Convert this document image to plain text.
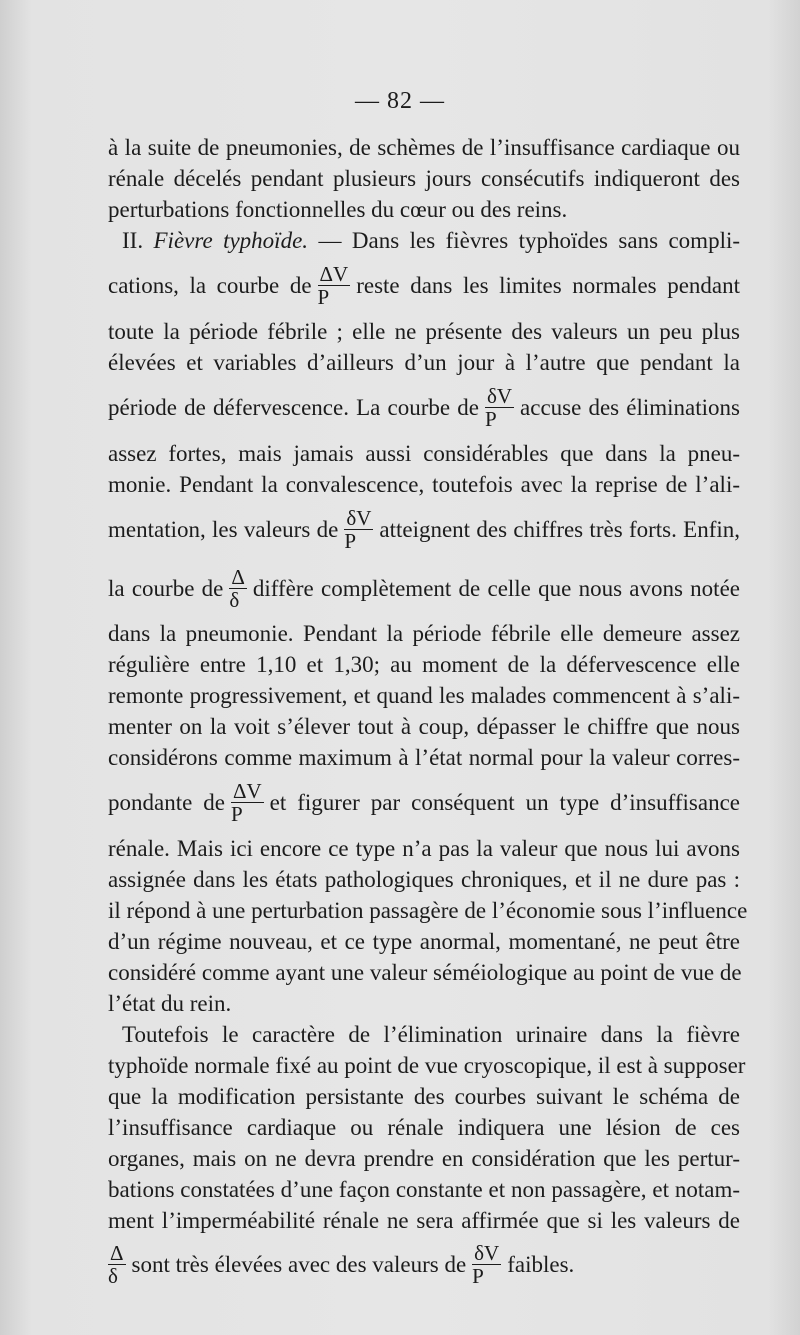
— 82 —
à la suite de pneumonies, de schèmes de l’insuffisance cardiaque ou
rénale décelés pendant plusieurs jours consécutifs indiqueront des
perturbations fonctionnelles du cœur ou des reins.
II. Fièvre typhoïde. — Dans les fièvres typhoïdes sans compli-
cations, la courbe de $\frac{\Delta V}{P}$ reste dans les limites normales pendant
toute la période fébrile ; elle ne présente des valeurs un peu plus
élevées et variables d’ailleurs d’un jour à l’autre que pendant la
période de défervescence. La courbe de $\frac{\delta V}{P}$ accuse des éliminations
assez fortes, mais jamais aussi considérables que dans la pneu-
monie. Pendant la convalescence, toutefois avec la reprise de l’ali-
mentation, les valeurs de $\frac{\delta V}{P}$ atteignent des chiffres très forts. Enfin,
la courbe de $\frac{\Delta}{\delta}$ diffère complètement de celle que nous avons notée
dans la pneumonie. Pendant la période fébrile elle demeure assez
régulière entre 1,10 et 1,30; au moment de la défervescence elle
remonte progressivement, et quand les malades commencent à s’ali-
menter on la voit s’élever tout à coup, dépasser le chiffre que nous
considérons comme maximum à l’état normal pour la valeur corres-
pondante de $\frac{\Delta V}{P}$ et figurer par conséquent un type d’insuffisance
rénale. Mais ici encore ce type n’a pas la valeur que nous lui avons
assignée dans les états pathologiques chroniques, et il ne dure pas :
il répond à une perturbation passagère de l’économie sous l’influence
d’un régime nouveau, et ce type anormal, momentané, ne peut être
considéré comme ayant une valeur séméiologique au point de vue de
l’état du rein.
Toutefois le caractère de l’élimination urinaire dans la fièvre
typhoïde normale fixé au point de vue cryoscopique, il est à supposer
que la modification persistante des courbes suivant le schéma de
l’insuffisance cardiaque ou rénale indiquera une lésion de ces
organes, mais on ne devra prendre en considération que les pertur-
bations constatées d’une façon constante et non passagère, et notam-
ment l’imperméabilité rénale ne sera affirmée que si les valeurs de
$\frac{\Delta}{\delta}$ sont très élevées avec des valeurs de $\frac{\delta V}{P}$ faibles.
